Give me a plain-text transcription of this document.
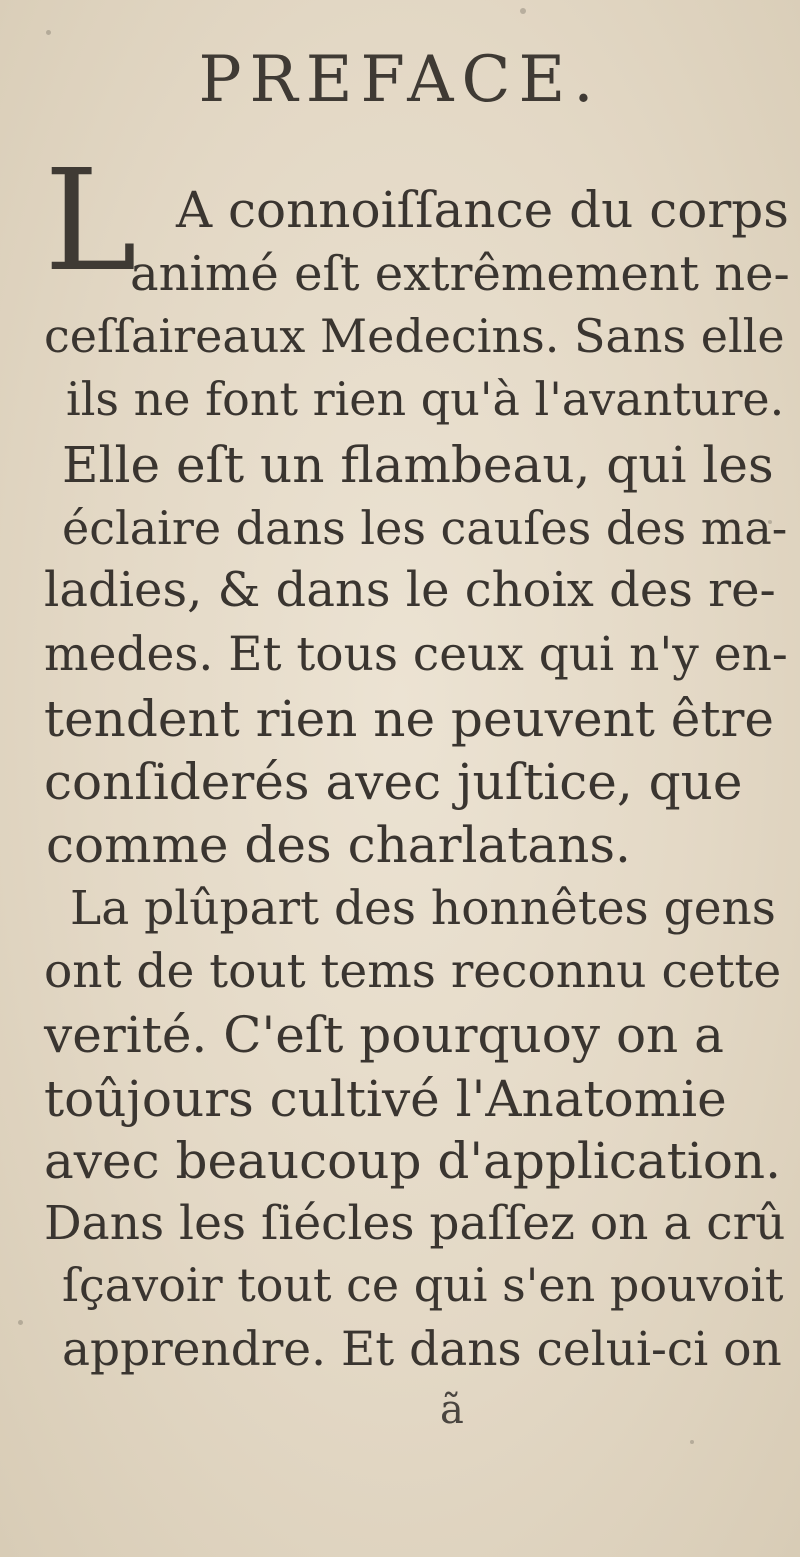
PREFACE.
L A connoiſſance du corps
animé eſt extrêmement ne-
ceſſaireaux Medecins. Sans elle
ils ne font rien qu'à l'avanture.
Elle eſt un flambeau, qui les
éclaire dans les cauſes des ma-
ladies, & dans le choix des re-
medes. Et tous ceux qui n'y en-
tendent rien ne peuvent être
conſiderés avec juſtice, que
comme des charlatans.
La plûpart des honnêtes gens
ont de tout tems reconnu cette
verité. C'eſt pourquoy on a
toûjours cultivé l'Anatomie
avec beaucoup d'application.
Dans les ſiécles paſſez on a crû
ſçavoir tout ce qui s'en pouvoit
apprendre. Et dans celui-ci on
ã
